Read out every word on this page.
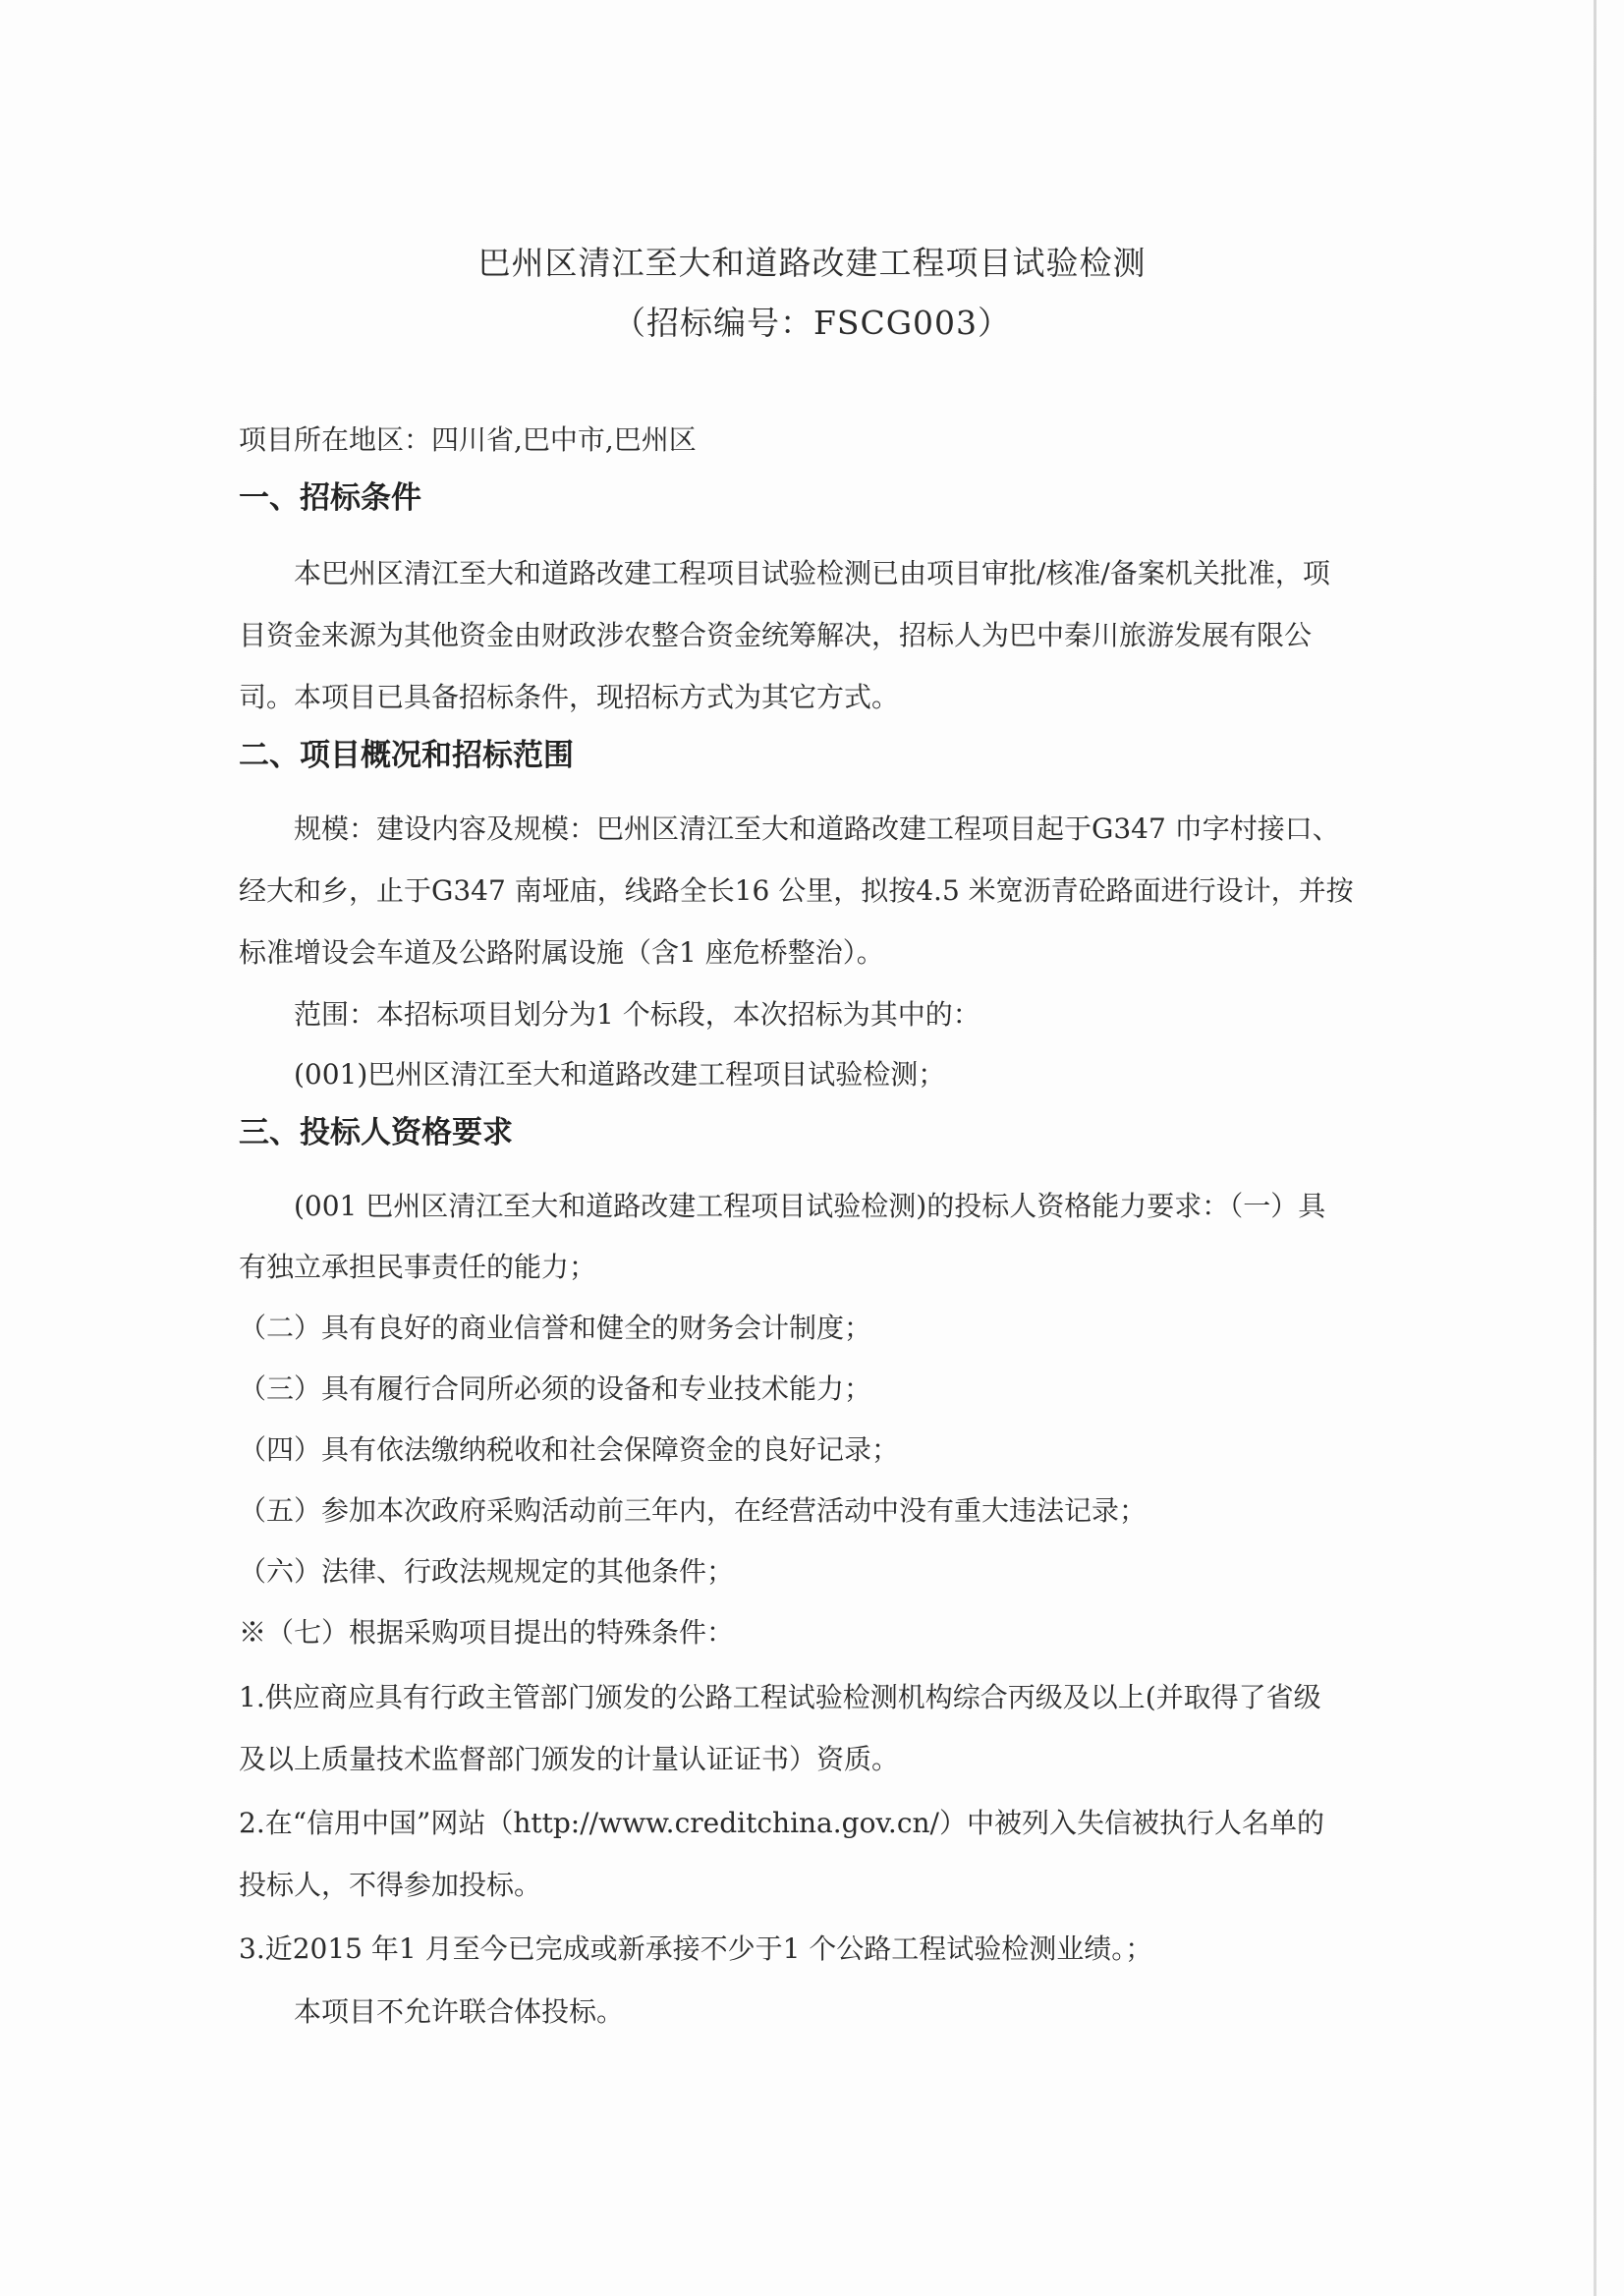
巴州区清江至大和道路改建工程项目试验检测
（招标编号：FSCG003）
项目所在地区：四川省,巴中市,巴州区
一、招标条件
本巴州区清江至大和道路改建工程项目试验检测已由项目审批/核准/备案机关批准，项
目资金来源为其他资金由财政涉农整合资金统筹解决，招标人为巴中秦川旅游发展有限公
司。本项目已具备招标条件，现招标方式为其它方式。
二、项目概况和招标范围
规模：建设内容及规模：巴州区清江至大和道路改建工程项目起于G347 巾字村接口、
经大和乡，止于G347 南垭庙，线路全长16 公里，拟按4.5 米宽沥青砼路面进行设计，并按
标准增设会车道及公路附属设施（含1 座危桥整治）。
范围：本招标项目划分为1 个标段，本次招标为其中的：
(001)巴州区清江至大和道路改建工程项目试验检测；
三、投标人资格要求
(001 巴州区清江至大和道路改建工程项目试验检测)的投标人资格能力要求：（一）具
有独立承担民事责任的能力；
（二）具有良好的商业信誉和健全的财务会计制度；
（三）具有履行合同所必须的设备和专业技术能力；
（四）具有依法缴纳税收和社会保障资金的良好记录；
（五）参加本次政府采购活动前三年内，在经营活动中没有重大违法记录；
（六）法律、行政法规规定的其他条件；
※（七）根据采购项目提出的特殊条件：
1.供应商应具有行政主管部门颁发的公路工程试验检测机构综合丙级及以上(并取得了省级
及以上质量技术监督部门颁发的计量认证证书）资质。
2.在“信用中国”网站（http://www.creditchina.gov.cn/）中被列入失信被执行人名单的
投标人，不得参加投标。
3.近2015 年1 月至今已完成或新承接不少于1 个公路工程试验检测业绩。；
本项目不允许联合体投标。
